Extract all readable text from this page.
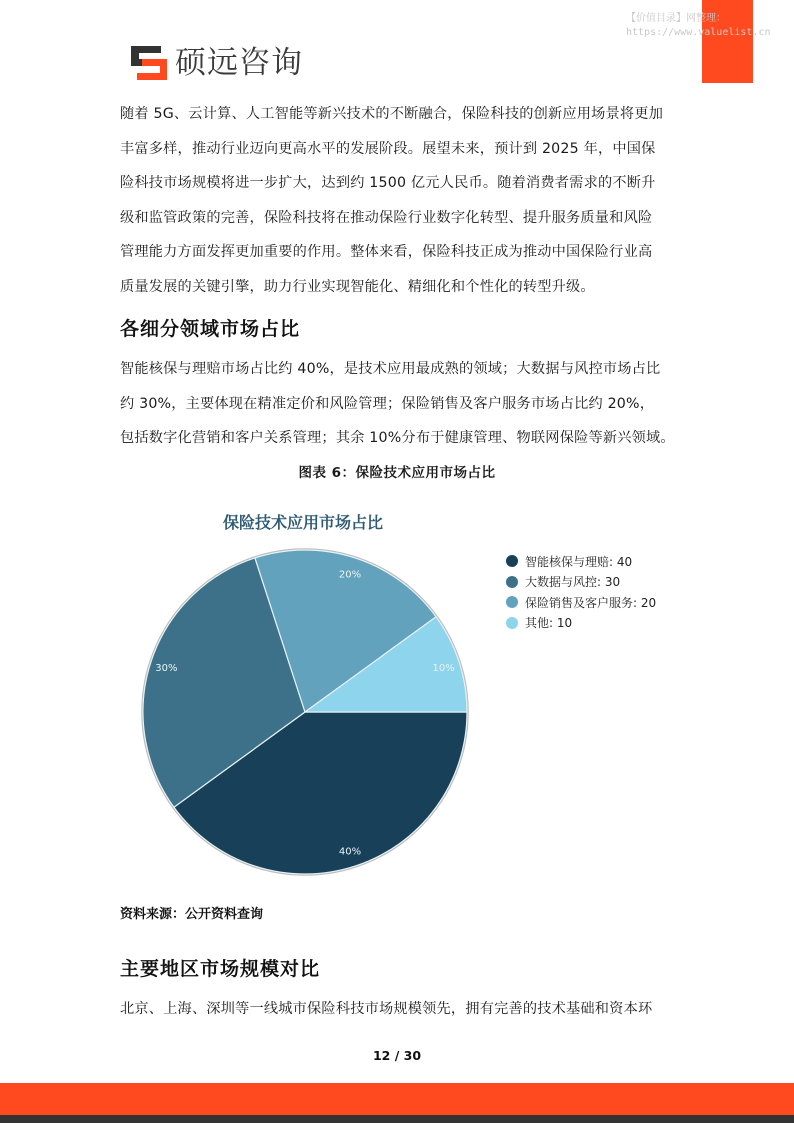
【价值目录】网整理：
https://www.valuelist.cn
硕远咨询

随着 5G、云计算、人工智能等新兴技术的不断融合，保险科技的创新应用场景将更加

丰富多样，推动行业迈向更高水平的发展阶段。展望未来，预计到 2025 年，中国保

险科技市场规模将进一步扩大，达到约 1500 亿元人民币。随着消费者需求的不断升

级和监管政策的完善，保险科技将在推动保险行业数字化转型、提升服务质量和风险

管理能力方面发挥更加重要的作用。整体来看，保险科技正成为推动中国保险行业高

质量发展的关键引擎，助力行业实现智能化、精细化和个性化的转型升级。

各细分领域市场占比

智能核保与理赔市场占比约 40%，是技术应用最成熟的领域；大数据与风控市场占比

约 30%，主要体现在精准定价和风险管理；保险销售及客户服务市场占比约 20%，

包括数字化营销和客户关系管理；其余 10%分布于健康管理、物联网保险等新兴领域。

图表 6：保险技术应用市场占比
保险技术应用市场占比
40%
30%
20%
10%
智能核保与理赔: 40
大数据与风控: 30
保险销售及客户服务: 20
其他: 10
资料来源：公开资料查询
主要地区市场规模对比

北京、上海、深圳等一线城市保险科技市场规模领先，拥有完善的技术基础和资本环

12 / 30
